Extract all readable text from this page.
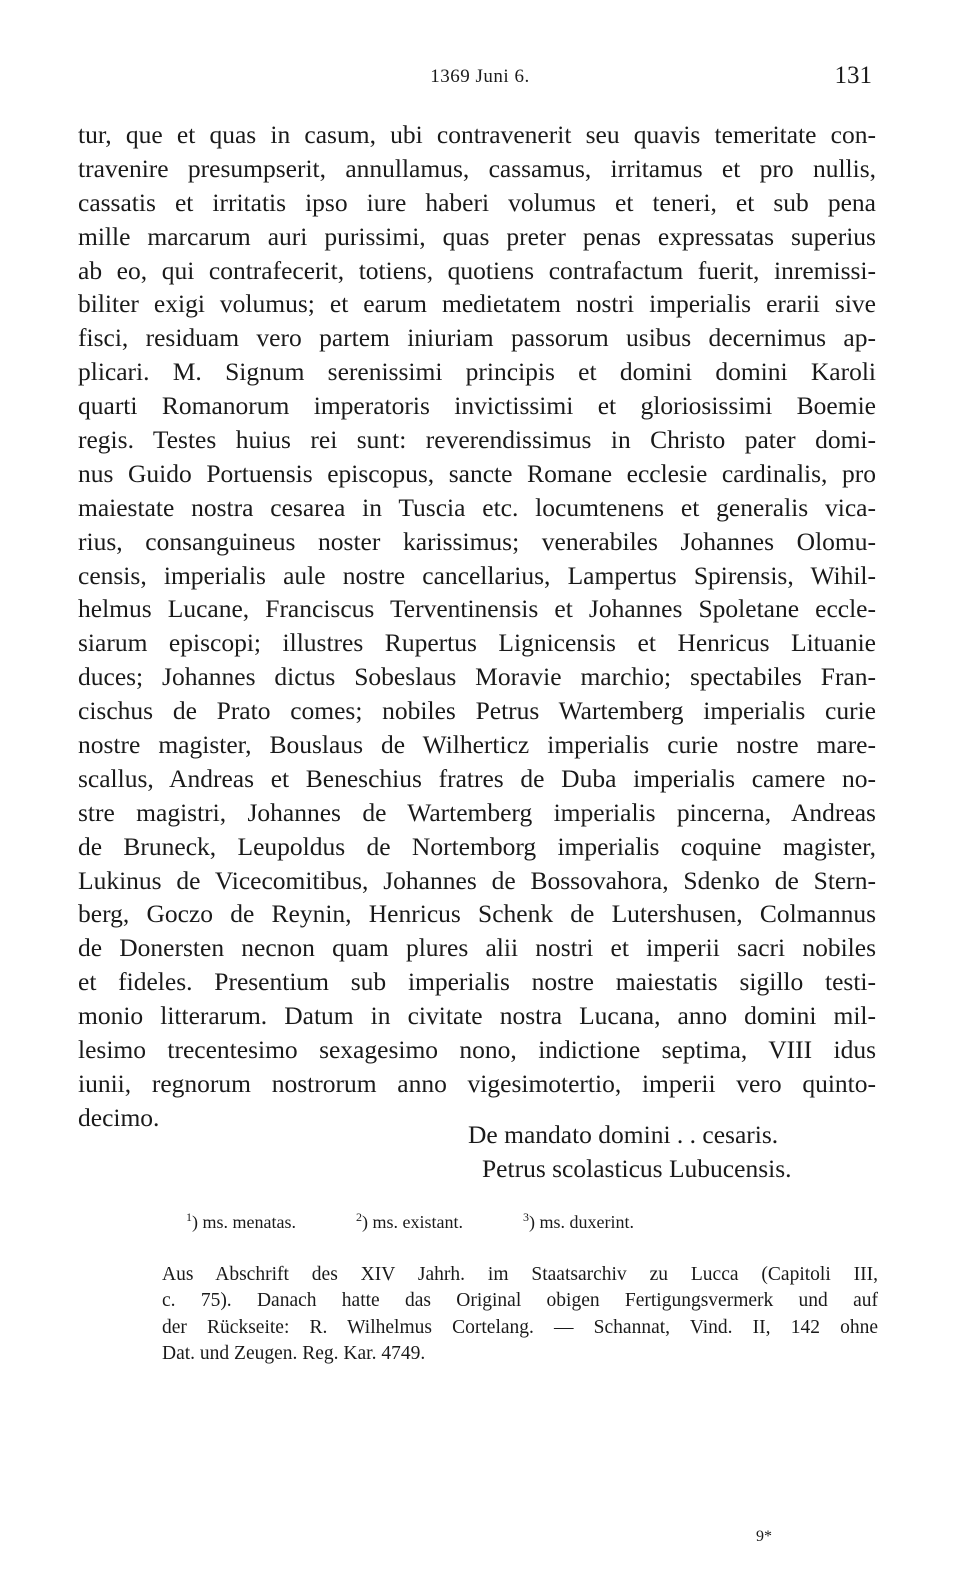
1369 Juni 6.	131
tur, que et quas in casum, ubi contravenerit seu quavis temeritate con-
travenire presumpserit, annullamus, cassamus, irritamus et pro nullis,
cassatis et irritatis ipso iure haberi volumus et teneri, et sub pena
mille marcarum auri purissimi, quas preter penas expressatas superius
ab eo, qui contrafecerit, totiens, quotiens contrafactum fuerit, inremissi-
biliter exigi volumus; et earum medietatem nostri imperialis erarii sive
fisci, residuam vero partem iniuriam passorum usibus decernimus ap-
plicari. M. Signum serenissimi principis et domini domini Karoli
quarti Romanorum imperatoris invictissimi et gloriosissimi Boemie
regis. Testes huius rei sunt: reverendissimus in Christo pater domi-
nus Guido Portuensis episcopus, sancte Romane ecclesie cardinalis, pro
maiestate nostra cesarea in Tuscia etc. locumtenens et generalis vica-
rius, consanguineus noster karissimus; venerabiles Johannes Olomu-
censis, imperialis aule nostre cancellarius, Lampertus Spirensis, Wihil-
helmus Lucane, Franciscus Terventinensis et Johannes Spoletane eccle-
siarum episcopi; illustres Rupertus Lignicensis et Henricus Lituanie
duces; Johannes dictus Sobeslaus Moravie marchio; spectabiles Fran-
cischus de Prato comes; nobiles Petrus Wartemberg imperialis curie
nostre magister, Bouslaus de Wilherticz imperialis curie nostre mare-
scallus, Andreas et Beneschius fratres de Duba imperialis camere no-
stre magistri, Johannes de Wartemberg imperialis pincerna, Andreas
de Bruneck, Leupoldus de Nortemborg imperialis coquine magister,
Lukinus de Vicecomitibus, Johannes de Bossovahora, Sdenko de Stern-
berg, Goczo de Reynin, Henricus Schenk de Lutershusen, Colmannus
de Donersten necnon quam plures alii nostri et imperii sacri nobiles
et fideles. Presentium sub imperialis nostre maiestatis sigillo testi-
monio litterarum. Datum in civitate nostra Lucana, anno domini mil-
lesimo trecentesimo sexagesimo nono, indictione septima, VIII idus
iunii, regnorum nostrorum anno vigesimotertio, imperii vero quinto-
decimo.
De mandato domini . . cesaris.
Petrus scolasticus Lubucensis.
$^1$) ms. menatas.	$^2$) ms. existant.	$^3$) ms. duxerint.
Aus Abschrift des XIV Jahrh. im Staatsarchiv zu Lucca (Capitoli III,
c. 75). Danach hatte das Original obigen Fertigungsvermerk und auf
der Rückseite: R. Wilhelmus Cortelang. — Schannat, Vind. II, 142 ohne
Dat. und Zeugen. Reg. Kar. 4749.
9*
